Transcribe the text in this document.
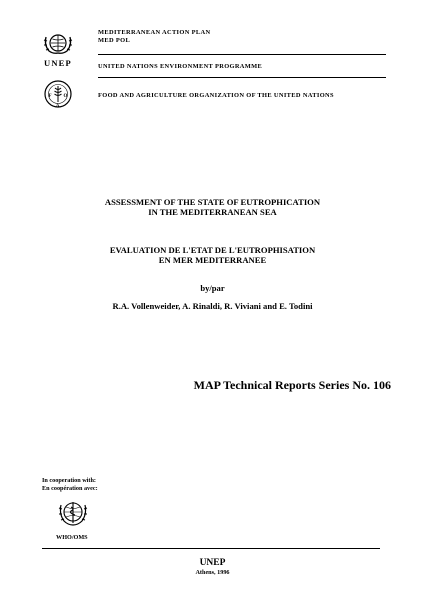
UNEP
MEDITERRANEAN ACTION PLAN
MED POL
UNITED NATIONS ENVIRONMENT PROGRAMME
F O
A
FOOD AND AGRICULTURE ORGANIZATION OF THE UNITED NATIONS
ASSESSMENT OF THE STATE OF EUTROPHICATION
IN THE MEDITERRANEAN SEA
EVALUATION DE L'ETAT DE L'EUTROPHISATION
EN MER MEDITERRANEE
by/par
R.A. Vollenweider, A. Rinaldi, R. Viviani and E. Todini
MAP Technical Reports Series No. 106
In cooperation with:
En coopération avec:
WHO/OMS
UNEP
Athens, 1996
